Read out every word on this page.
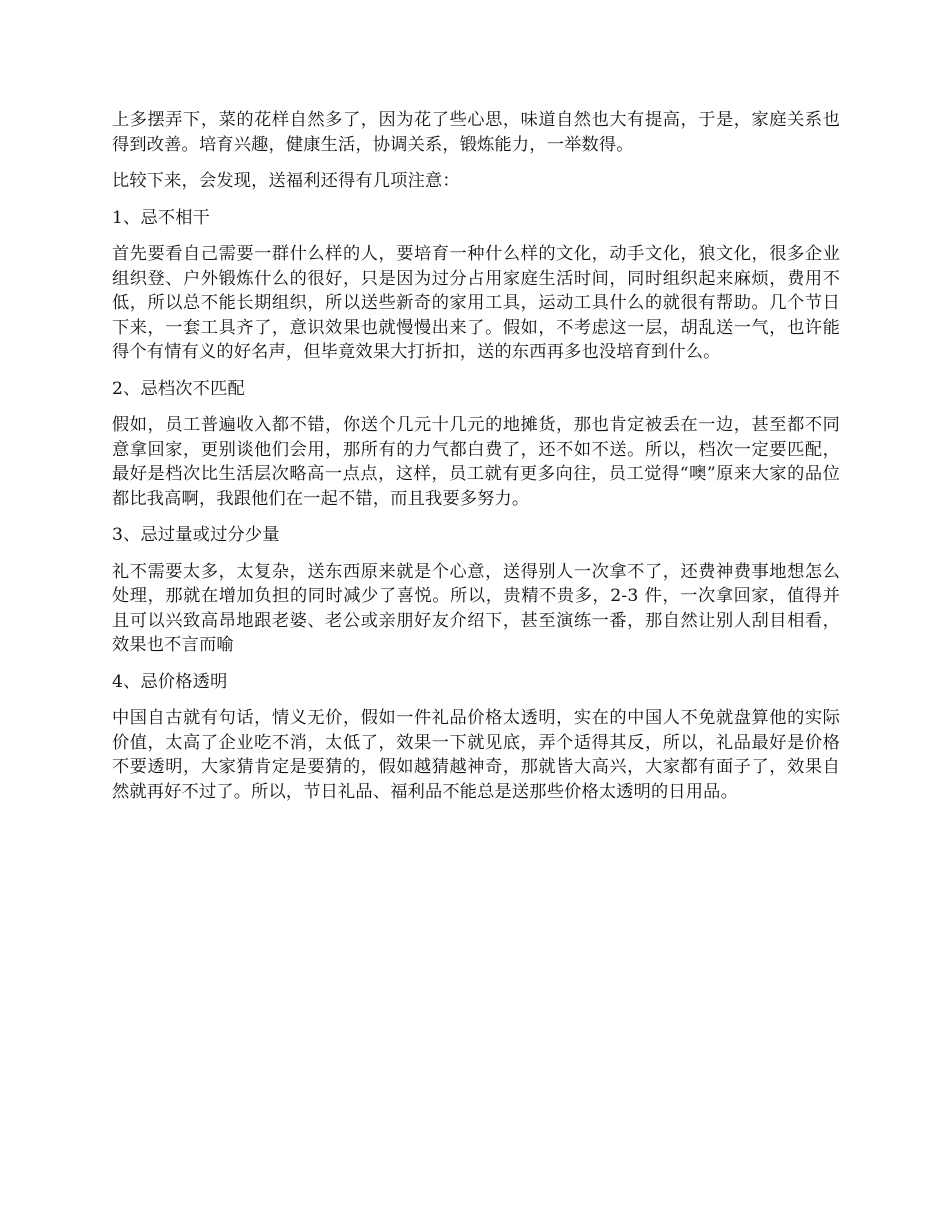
上多摆弄下，菜的花样自然多了，因为花了些心思，味道自然也大有提高，于是，家庭关系也得到改善。培育兴趣，健康生活，协调关系，锻炼能力，一举数得。

比较下来，会发现，送福利还得有几项注意：

1、忌不相干

首先要看自己需要一群什么样的人，要培育一种什么样的文化，动手文化，狼文化，很多企业组织登、户外锻炼什么的很好，只是因为过分占用家庭生活时间，同时组织起来麻烦，费用不低，所以总不能长期组织，所以送些新奇的家用工具，运动工具什么的就很有帮助。几个节日下来，一套工具齐了，意识效果也就慢慢出来了。假如，不考虑这一层，胡乱送一气，也许能得个有情有义的好名声，但毕竟效果大打折扣，送的东西再多也没培育到什么。

2、忌档次不匹配

假如，员工普遍收入都不错，你送个几元十几元的地摊货，那也肯定被丢在一边，甚至都不同意拿回家，更别谈他们会用，那所有的力气都白费了，还不如不送。所以，档次一定要匹配，最好是档次比生活层次略高一点点，这样，员工就有更多向往，员工觉得“噢”原来大家的品位都比我高啊，我跟他们在一起不错，而且我要多努力。

3、忌过量或过分少量

礼不需要太多，太复杂，送东西原来就是个心意，送得别人一次拿不了，还费神费事地想怎么处理，那就在增加负担的同时减少了喜悦。所以，贵精不贵多，2-3 件，一次拿回家，值得并且可以兴致高昂地跟老婆、老公或亲朋好友介绍下，甚至演练一番，那自然让别人刮目相看，效果也不言而喻

4、忌价格透明

中国自古就有句话，情义无价，假如一件礼品价格太透明，实在的中国人不免就盘算他的实际价值，太高了企业吃不消，太低了，效果一下就见底，弄个适得其反，所以，礼品最好是价格不要透明，大家猜肯定是要猜的，假如越猜越神奇，那就皆大高兴，大家都有面子了，效果自然就再好不过了。所以，节日礼品、福利品不能总是送那些价格太透明的日用品。
